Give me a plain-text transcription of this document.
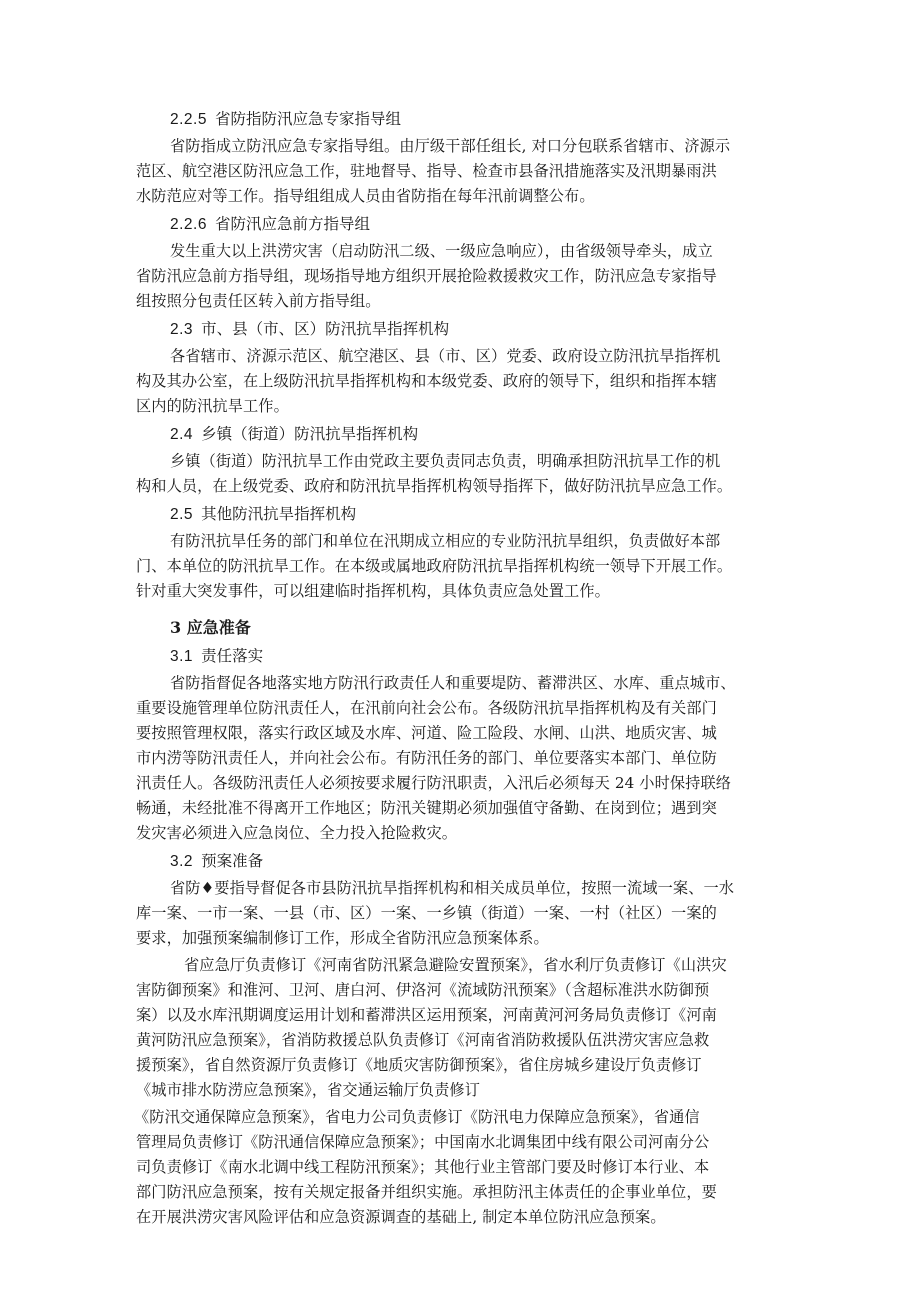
2.2.5 省防指防汛应急专家指导组
省防指成立防汛应急专家指导组。由厅级干部任组长, 对口分包联系省辖市、济源示
范区、航空港区防汛应急工作，驻地督导、指导、检查市县备汛措施落实及汛期暴雨洪
水防范应对等工作。指导组组成人员由省防指在每年汛前调整公布。
2.2.6 省防汛应急前方指导组
发生重大以上洪涝灾害（启动防汛二级、一级应急响应），由省级领导牵头，成立
省防汛应急前方指导组，现场指导地方组织开展抢险救援救灾工作，防汛应急专家指导
组按照分包责任区转入前方指导组。
2.3 市、县（市、区）防汛抗旱指挥机构
各省辖市、济源示范区、航空港区、县（市、区）党委、政府设立防汛抗旱指挥机
构及其办公室，在上级防汛抗旱指挥机构和本级党委、政府的领导下，组织和指挥本辖
区内的防汛抗旱工作。
2.4 乡镇（街道）防汛抗旱指挥机构
乡镇（街道）防汛抗旱工作由党政主要负责同志负责，明确承担防汛抗旱工作的机
构和人员，在上级党委、政府和防汛抗旱指挥机构领导指挥下，做好防汛抗旱应急工作。
2.5 其他防汛抗旱指挥机构
有防汛抗旱任务的部门和单位在汛期成立相应的专业防汛抗旱组织，负责做好本部
门、本单位的防汛抗旱工作。在本级或属地政府防汛抗旱指挥机构统一领导下开展工作。
针对重大突发事件，可以组建临时指挥机构，具体负责应急处置工作。
3 应急准备
3.1 责任落实
省防指督促各地落实地方防汛行政责任人和重要堤防、蓄滞洪区、水库、重点城市、
重要设施管理单位防汛责任人，在汛前向社会公布。各级防汛抗旱指挥机构及有关部门
要按照管理权限，落实行政区域及水库、河道、险工险段、水闸、山洪、地质灾害、城
市内涝等防汛责任人，并向社会公布。有防汛任务的部门、单位要落实本部门、单位防
汛责任人。各级防汛责任人必须按要求履行防汛职责，入汛后必须每天 24 小时保持联络
畅通，未经批准不得离开工作地区；防汛关键期必须加强值守备勤、在岗到位；遇到突
发灾害必须进入应急岗位、全力投入抢险救灾。
3.2 预案准备
省防♦要指导督促各市县防汛抗旱指挥机构和相关成员单位，按照一流域一案、一水
库一案、一市一案、一县（市、区）一案、一乡镇（街道）一案、一村（社区）一案的
要求，加强预案编制修订工作，形成全省防汛应急预案体系。
省应急厅负责修订《河南省防汛紧急避险安置预案》，省水利厅负责修订《山洪灾
害防御预案》和淮河、卫河、唐白河、伊洛河《流域防汛预案》（含超标准洪水防御预
案）以及水库汛期调度运用计划和蓄滞洪区运用预案，河南黄河河务局负责修订《河南
黄河防汛应急预案》，省消防救援总队负责修订《河南省消防救援队伍洪涝灾害应急救
援预案》，省自然资源厅负责修订《地质灾害防御预案》，省住房城乡建设厅负责修订
《城市排水防涝应急预案》，省交通运输厅负责修订
《防汛交通保障应急预案》，省电力公司负责修订《防汛电力保障应急预案》，省通信
管理局负责修订《防汛通信保障应急预案》；中国南水北调集团中线有限公司河南分公
司负责修订《南水北调中线工程防汛预案》；其他行业主管部门要及时修订本行业、本
部门防汛应急预案，按有关规定报备并组织实施。承担防汛主体责任的企事业单位，要
在开展洪涝灾害风险评估和应急资源调查的基础上, 制定本单位防汛应急预案。
